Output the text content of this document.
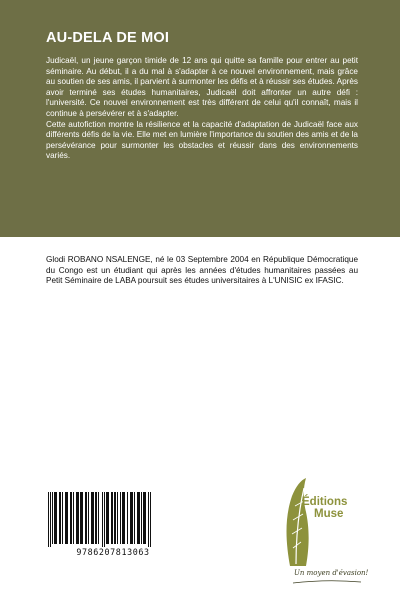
AU-DELA DE MOI

Judicaël, un jeune garçon timide de 12 ans qui quitte sa famille pour entrer au petit séminaire. Au début, il a du mal à s'adapter à ce nouvel environnement, mais grâce au soutien de ses amis, il parvient à surmonter les défis et à réussir ses études. Après avoir terminé ses études humanitaires, Judicaël doit affronter un autre défi : l'université. Ce nouvel environnement est très différent de celui qu'il connaît, mais il continue à persévérer et à s'adapter.

Cette autofiction montre la résilience et la capacité d'adaptation de Judicaël face aux différents défis de la vie. Elle met en lumière l'importance du soutien des amis et de la persévérance pour surmonter les obstacles et réussir dans des environnements variés.

Glodi ROBANO NSALENGE, né le 03 Septembre 2004 en République Démocratique du Congo est un étudiant qui après les années d'études humanitaires passées au Petit Séminaire de LABA poursuit ses études universitaires à L'UNISIC ex IFASIC.

9786207813063
Éditions
Muse
Un moyen d'évasion!
